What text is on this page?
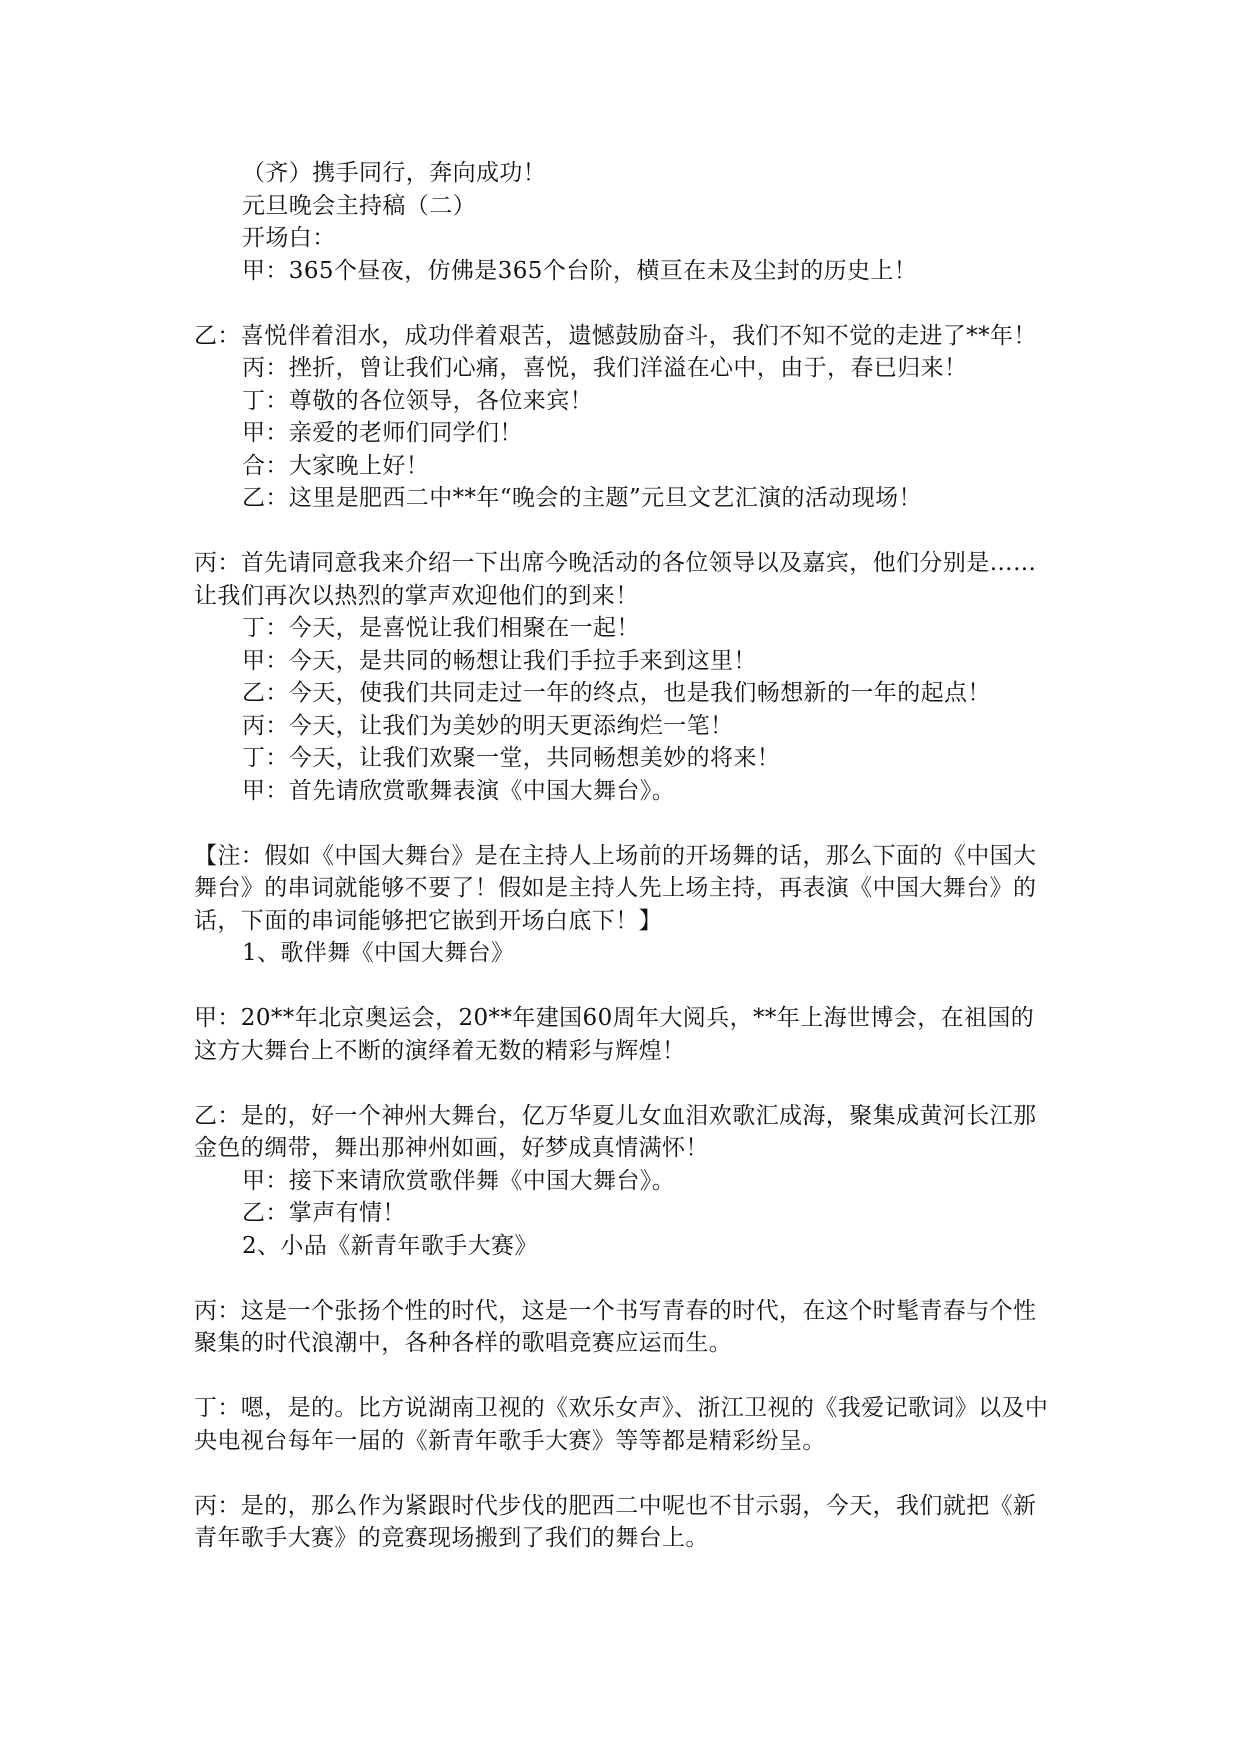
（齐）携手同行，奔向成功！

元旦晚会主持稿（二）

开场白：

甲：365个昼夜，仿佛是365个台阶，横亘在未及尘封的历史上！

乙：喜悦伴着泪水，成功伴着艰苦，遗憾鼓励奋斗，我们不知不觉的走进了**年！

丙：挫折，曾让我们心痛，喜悦，我们洋溢在心中，由于，春已归来！

丁：尊敬的各位领导，各位来宾！

甲：亲爱的老师们同学们！

合：大家晚上好！

乙：这里是肥西二中**年“晚会的主题”元旦文艺汇演的活动现场！

丙：首先请同意我来介绍一下出席今晚活动的各位领导以及嘉宾，他们分别是……让我们再次以热烈的掌声欢迎他们的到来！

丁：今天，是喜悦让我们相聚在一起！

甲：今天，是共同的畅想让我们手拉手来到这里！

乙：今天，使我们共同走过一年的终点，也是我们畅想新的一年的起点！

丙：今天，让我们为美妙的明天更添绚烂一笔！

丁：今天，让我们欢聚一堂，共同畅想美妙的将来！

甲：首先请欣赏歌舞表演《中国大舞台》。

【注：假如《中国大舞台》是在主持人上场前的开场舞的话，那么下面的《中国大舞台》的串词就能够不要了！假如是主持人先上场主持，再表演《中国大舞台》的话，下面的串词能够把它嵌到开场白底下！】

1、歌伴舞《中国大舞台》

甲：20**年北京奥运会，20**年建国60周年大阅兵，**年上海世博会，在祖国的这方大舞台上不断的演绎着无数的精彩与辉煌！

乙：是的，好一个神州大舞台，亿万华夏儿女血泪欢歌汇成海，聚集成黄河长江那金色的绸带，舞出那神州如画，好梦成真情满怀！

甲：接下来请欣赏歌伴舞《中国大舞台》。

乙：掌声有情！

2、小品《新青年歌手大赛》

丙：这是一个张扬个性的时代，这是一个书写青春的时代，在这个时髦青春与个性聚集的时代浪潮中，各种各样的歌唱竞赛应运而生。

丁：嗯，是的。比方说湖南卫视的《欢乐女声》、浙江卫视的《我爱记歌词》以及中央电视台每年一届的《新青年歌手大赛》等等都是精彩纷呈。

丙：是的，那么作为紧跟时代步伐的肥西二中呢也不甘示弱，今天，我们就把《新青年歌手大赛》的竞赛现场搬到了我们的舞台上。
